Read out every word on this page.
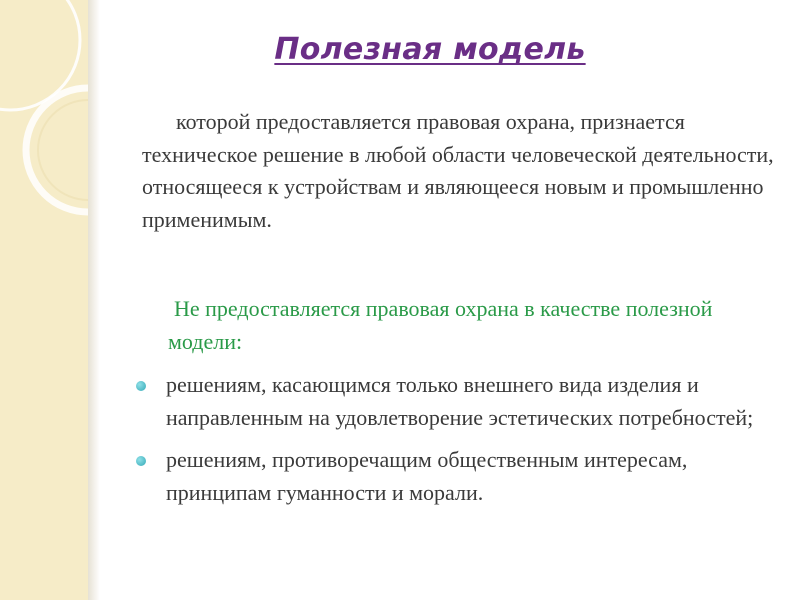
Полезная модель
которой предоставляется правовая охрана, признается техническое решение в любой области человеческой деятельности, относящееся к устройствам и являющееся новым и промышленно применимым.
Не предоставляется правовая охрана в качестве полезной модели:
решениям, касающимся только внешнего вида изделия и направленным на удовлетворение эстетических потребностей;
решениям, противоречащим общественным интересам, принципам гуманности и морали.
